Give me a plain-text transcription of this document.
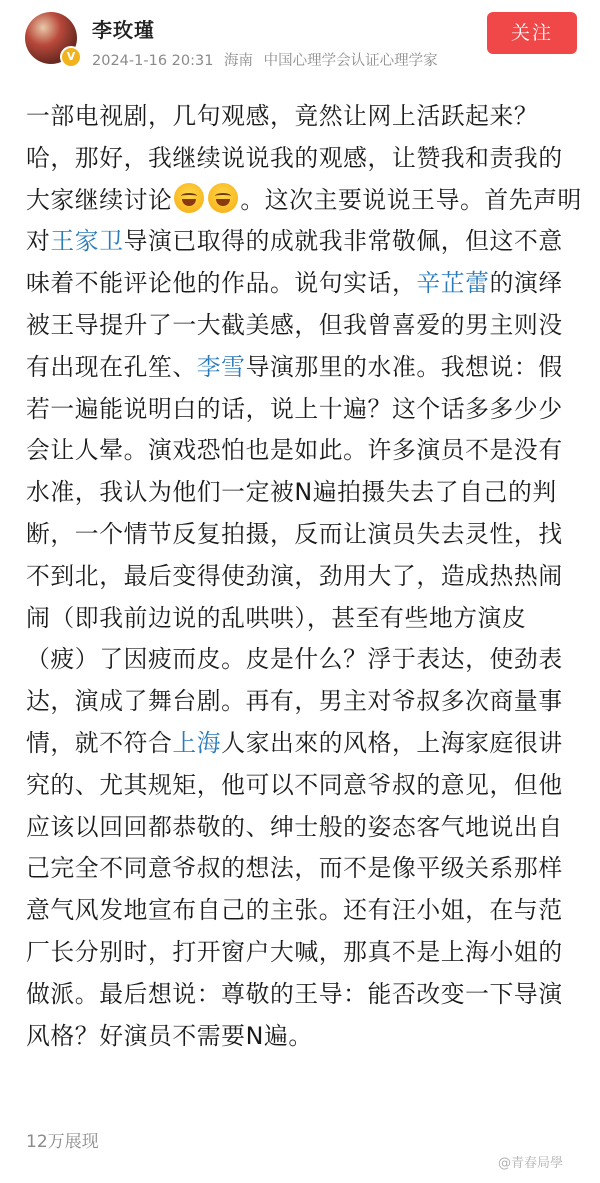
V
李玫瑾
2024-1-16 20:31 海南 中国心理学会认证心理学家
关注

一部电视剧，几句观感，竟然让网上活跃起来？哈，那好，我继续说说我的观感，让赞我和责我的大家继续讨论	。这次主要说说王导。首先声明对王家卫导演已取得的成就我非常敬佩，但这不意味着不能评论他的作品。说句实话，辛芷蕾的演绎被王导提升了一大截美感，但我曾喜爱的男主则没有出现在孔笙、李雪导演那里的水准。我想说：假若一遍能说明白的话，说上十遍？这个话多多少少会让人晕。演戏恐怕也是如此。许多演员不是没有水准，我认为他们一定被N遍拍摄失去了自己的判断，一个情节反复拍摄，反而让演员失去灵性，找不到北，最后变得使劲演，劲用大了，造成热热闹闹（即我前边说的乱哄哄），甚至有些地方演皮（疲）了因疲而皮。皮是什么？浮于表达，使劲表达，演成了舞台剧。再有，男主对爷叔多次商量事情，就不符合上海人家出來的风格，上海家庭很讲究的、尤其规矩，他可以不同意爷叔的意见，但他应该以回回都恭敬的、绅士般的姿态客气地说出自己完全不同意爷叔的想法，而不是像平级关系那样意气风发地宣布自己的主张。还有汪小姐，在与范厂长分别时，打开窗户大喊，那真不是上海小姐的做派。最后想说：尊敬的王导：能否改变一下导演风格？好演员不需要N遍。

12万展现
@青春局學
